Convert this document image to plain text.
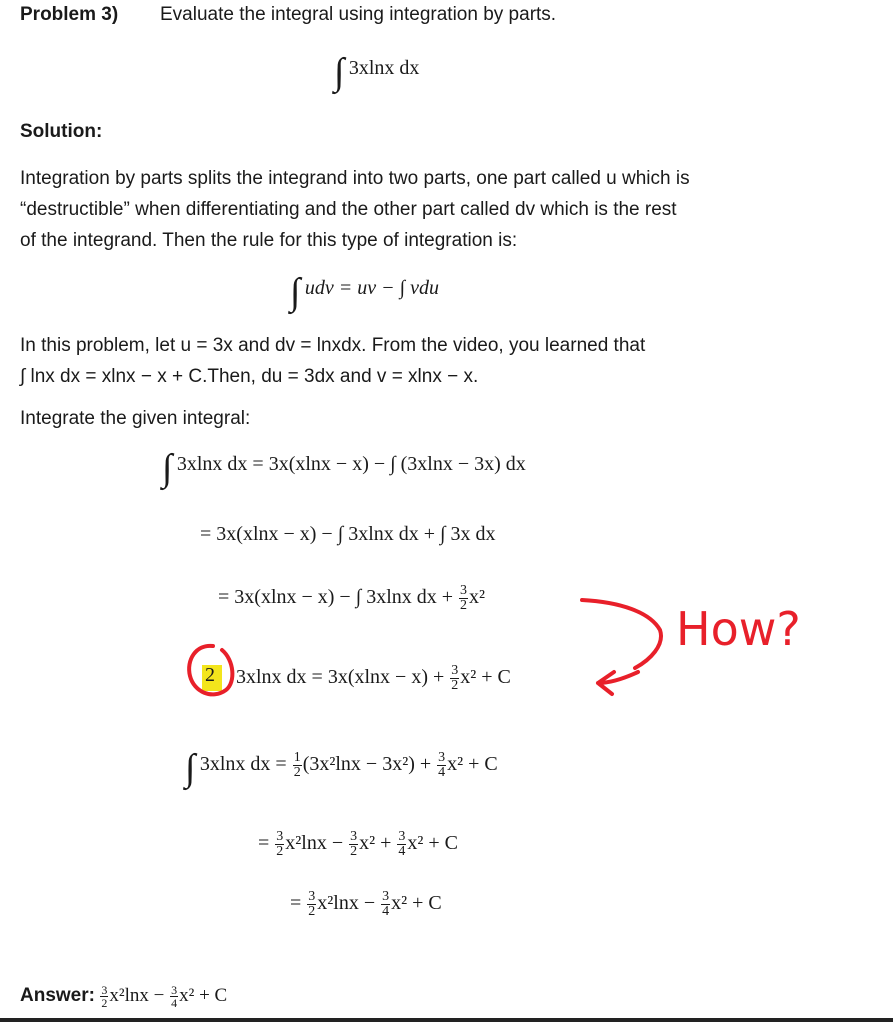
Problem 3) Evaluate the integral using integration by parts.
∫ 3xlnx dx
Solution:
Integration by parts splits the integrand into two parts, one part called u which is
“destructible” when differentiating and the other part called dv which is the rest
of the integrand. Then the rule for this type of integration is:
∫ udv = uv − ∫ vdu
In this problem, let u = 3x and dv = lnxdx. From the video, you learned that
∫ lnx dx = xlnx − x + C.Then, du = 3dx and v = xlnx − x.
Integrate the given integral:
∫ 3xlnx dx = 3x(xlnx − x) − ∫ (3xlnx − 3x) dx
= 3x(xlnx − x) − ∫ 3xlnx dx + ∫ 3x dx
= 3x(xlnx − x) − ∫ 3xlnx dx + $\frac{3}{2} x^2$
2 3xlnx dx = $3x(xlnx - x) + \frac{3}{2} x^2 + C$
∫ 3xlnx dx = $\frac{1}{2} (3x^2\ln x - 3x^2) + \frac{3}{4} x^2 + C$
= $\frac{3}{2} x^2\ln x - \frac{3}{2} x^2 + \frac{3}{4} x^2 + C$
= $\frac{3}{2} x^2\ln x - \frac{3}{4} x^2 + C$
Answer: $\frac{3}{2} x^2\ln x - \frac{3}{4} x^2 + C$
How?
